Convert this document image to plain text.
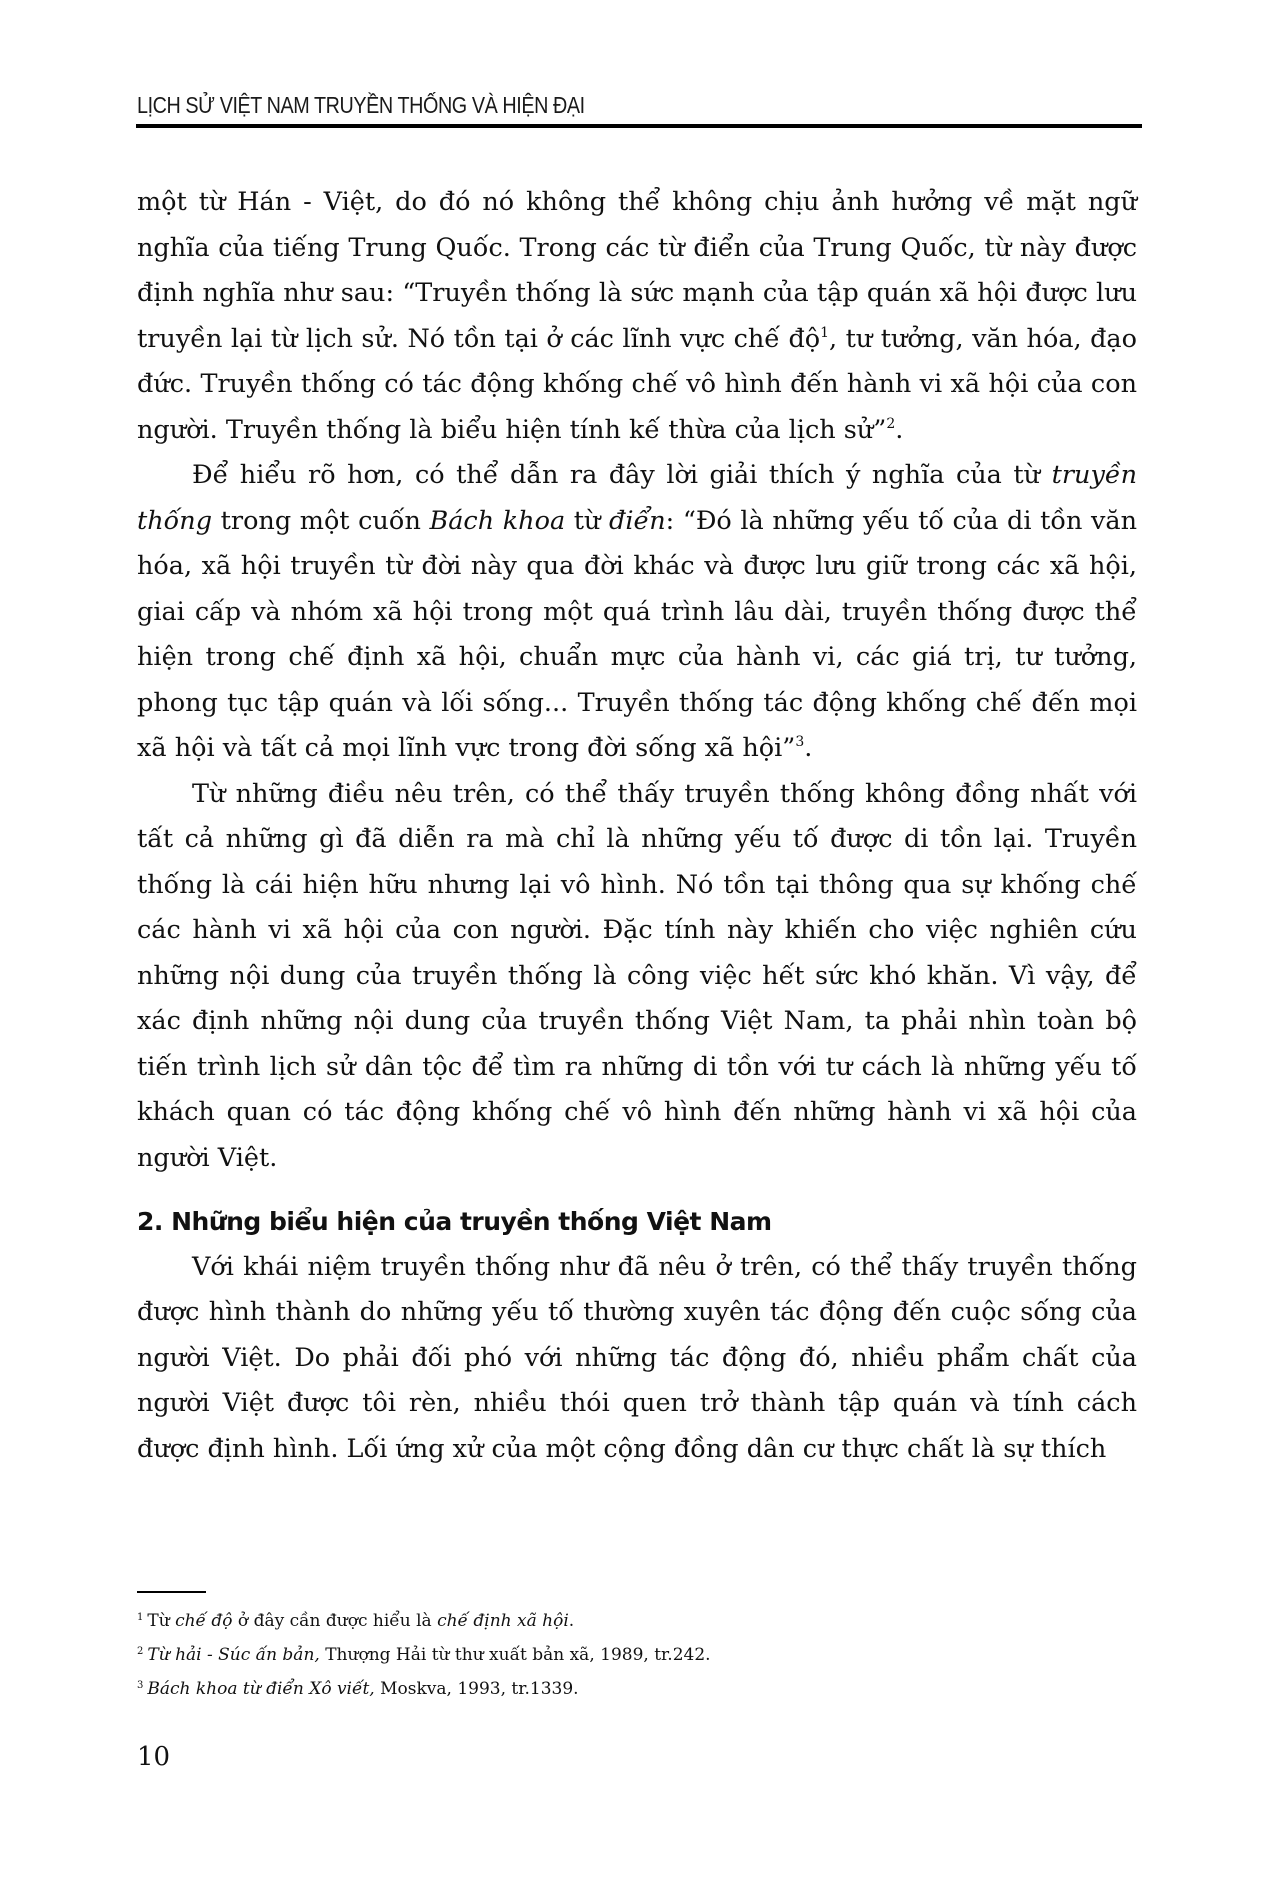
LỊCH SỬ VIỆT NAM TRUYỀN THỐNG VÀ HIỆN ĐẠI

một từ Hán - Việt, do đó nó không thể không chịu ảnh hưởng về mặt ngữ nghĩa của tiếng Trung Quốc. Trong các từ điển của Trung Quốc, từ này được định nghĩa như sau: “Truyền thống là sức mạnh của tập quán xã hội được lưu truyền lại từ lịch sử. Nó tồn tại ở các lĩnh vực chế độ$^1$, tư tưởng, văn hóa, đạo đức. Truyền thống có tác động khống chế vô hình đến hành vi xã hội của con người. Truyền thống là biểu hiện tính kế thừa của lịch sử”$^2$.

Để hiểu rõ hơn, có thể dẫn ra đây lời giải thích ý nghĩa của từ truyền thống trong một cuốn Bách khoa từ điển: “Đó là những yếu tố của di tồn văn hóa, xã hội truyền từ đời này qua đời khác và được lưu giữ trong các xã hội, giai cấp và nhóm xã hội trong một quá trình lâu dài, truyền thống được thể hiện trong chế định xã hội, chuẩn mực của hành vi, các giá trị, tư tưởng, phong tục tập quán và lối sống... Truyền thống tác động khống chế đến mọi xã hội và tất cả mọi lĩnh vực trong đời sống xã hội”$^3$.

Từ những điều nêu trên, có thể thấy truyền thống không đồng nhất với tất cả những gì đã diễn ra mà chỉ là những yếu tố được di tồn lại. Truyền thống là cái hiện hữu nhưng lại vô hình. Nó tồn tại thông qua sự khống chế các hành vi xã hội của con người. Đặc tính này khiến cho việc nghiên cứu những nội dung của truyền thống là công việc hết sức khó khăn. Vì vậy, để xác định những nội dung của truyền thống Việt Nam, ta phải nhìn toàn bộ tiến trình lịch sử dân tộc để tìm ra những di tồn với tư cách là những yếu tố khách quan có tác động khống chế vô hình đến những hành vi xã hội của người Việt.

2. Những biểu hiện của truyền thống Việt Nam

Với khái niệm truyền thống như đã nêu ở trên, có thể thấy truyền thống được hình thành do những yếu tố thường xuyên tác động đến cuộc sống của người Việt. Do phải đối phó với những tác động đó, nhiều phẩm chất của người Việt được tôi rèn, nhiều thói quen trở thành tập quán và tính cách được định hình. Lối ứng xử của một cộng đồng dân cư thực chất là sự thích

$^1$ Từ chế độ ở đây cần được hiểu là chế định xã hội.
$^2$ Từ hải - Súc ấn bản, Thượng Hải từ thư xuất bản xã, 1989, tr.242.
$^3$ Bách khoa từ điển Xô viết, Moskva, 1993, tr.1339.
10
